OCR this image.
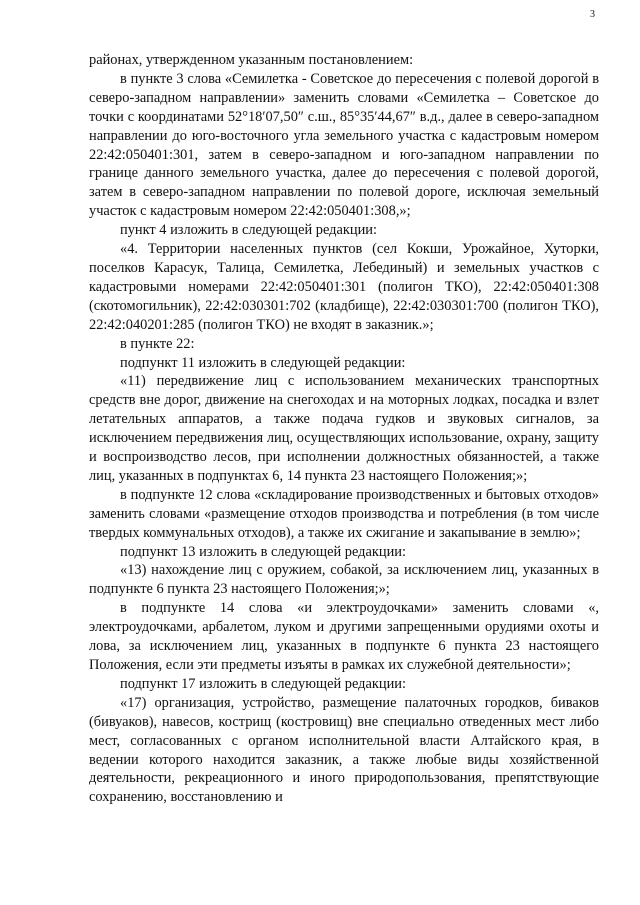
3

районах, утвержденном указанным постановлением:

в пункте 3 слова «Семилетка - Советское до пересечения с полевой дорогой в северо-западном направлении» заменить словами «Семилетка – Советское до точки с координатами 52°18′07,50″ с.ш., 85°35′44,67″ в.д., далее в северо-западном направлении до юго-восточного угла земельного участка с кадастровым номером 22:42:050401:301, затем в северо-западном и юго-западном направлении по границе данного земельного участка, далее до пересечения с полевой дорогой, затем в северо-западном направлении по полевой дороге, исключая земельный участок с кадастровым номером 22:42:050401:308,»;

пункт 4 изложить в следующей редакции:

«4. Территории населенных пунктов (сел Кокши, Урожайное, Хуторки, поселков Карасук, Талица, Семилетка, Лебединый) и земельных участков с кадастровыми номерами 22:42:050401:301 (полигон ТКО), 22:42:050401:308 (скотомогильник), 22:42:030301:702 (кладбище), 22:42:030301:700 (полигон ТКО), 22:42:040201:285 (полигон ТКО) не входят в заказник.»;

в пункте 22:

подпункт 11 изложить в следующей редакции:

«11) передвижение лиц с использованием механических транспортных средств вне дорог, движение на снегоходах и на моторных лодках, посадка и взлет летательных аппаратов, а также подача гудков и звуковых сигналов, за исключением передвижения лиц, осуществляющих использование, охрану, защиту и воспроизводство лесов, при исполнении должностных обязанностей, а также лиц, указанных в подпунктах 6, 14 пункта 23 настоящего Положения;»;

в подпункте 12 слова «складирование производственных и бытовых отходов» заменить словами «размещение отходов производства и потребления (в том числе твердых коммунальных отходов), а также их сжигание и закапывание в землю»;

подпункт 13 изложить в следующей редакции:

«13) нахождение лиц с оружием, собакой, за исключением лиц, указанных в подпункте 6 пункта 23 настоящего Положения;»;

в подпункте 14 слова «и электроудочками» заменить словами «, электроудочками, арбалетом, луком и другими запрещенными орудиями охоты и лова, за исключением лиц, указанных в подпункте 6 пункта 23 настоящего Положения, если эти предметы изъяты в рамках их служебной деятельности»;

подпункт 17 изложить в следующей редакции:

«17) организация, устройство, размещение палаточных городков, биваков (бивуаков), навесов, кострищ (костровищ) вне специально отведенных мест либо мест, согласованных с органом исполнительной власти Алтайского края, в ведении которого находится заказник, а также любые виды хозяйственной деятельности, рекреационного и иного природопользования, препятствующие сохранению, восстановлению и
